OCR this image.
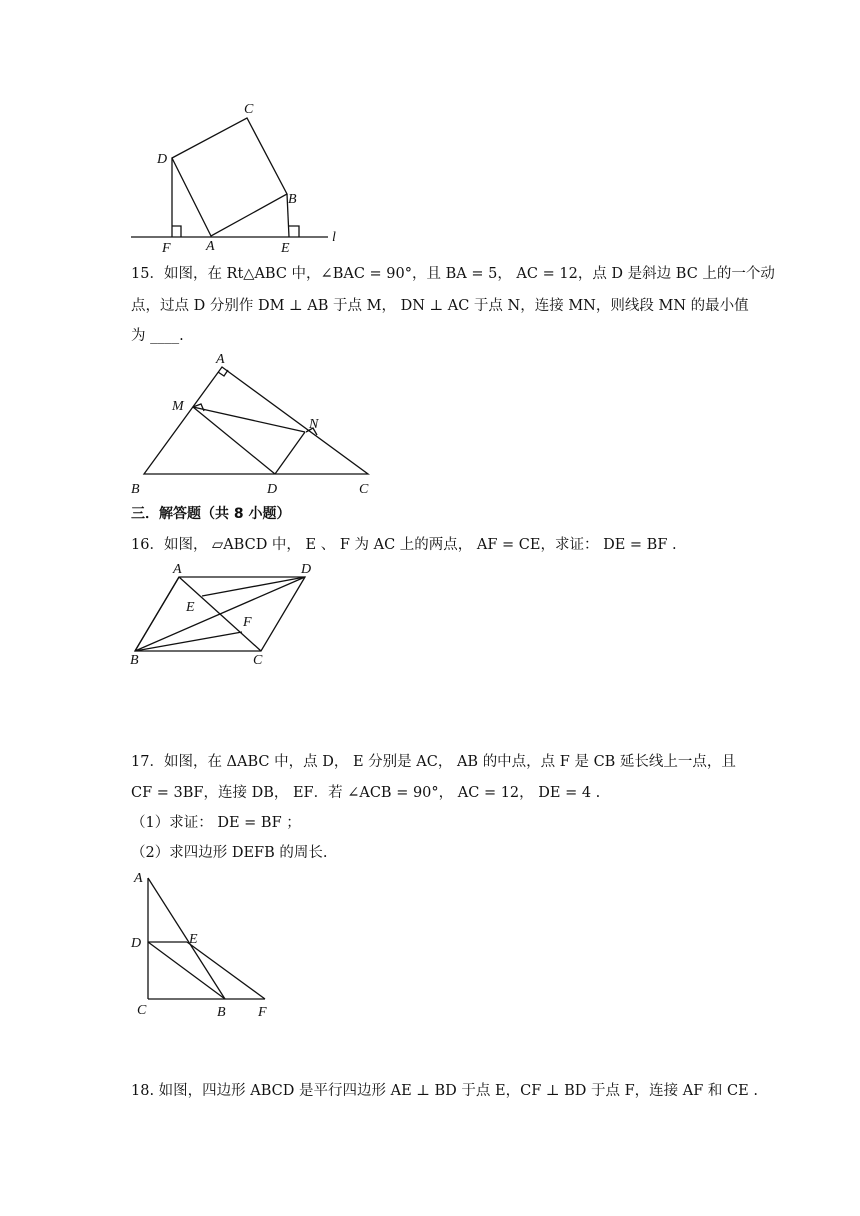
C
D
B
F	A	E
l
15．如图，在 Rt△ABC 中，∠BAC = 90°，且 BA = 5， AC = 12，点 D 是斜边 BC 上的一个动
点，过点 D 分别作 DM ⊥ AB 于点 M， DN ⊥ AC 于点 N，连接 MN，则线段 MN 的最小值
为 ____.
A
M
N
B	D	C
三．解答题（共 8 小题）
16．如图， ▱ABCD 中， E 、 F 为 AC 上的两点， AF = CE，求证： DE = BF .
A	D
E
F
B	C
17．如图，在 ΔABC 中，点 D， E 分别是 AC， AB 的中点，点 F 是 CB 延长线上一点，且
CF = 3BF，连接 DB， EF．若 ∠ACB = 90°， AC = 12， DE = 4 .
（1）求证： DE = BF ；
（2）求四边形 DEFB 的周长.
A
D	E
C	B F
18. 如图，四边形 ABCD 是平行四边形 AE ⊥ BD 于点 E，CF ⊥ BD 于点 F，连接 AF 和 CE .
